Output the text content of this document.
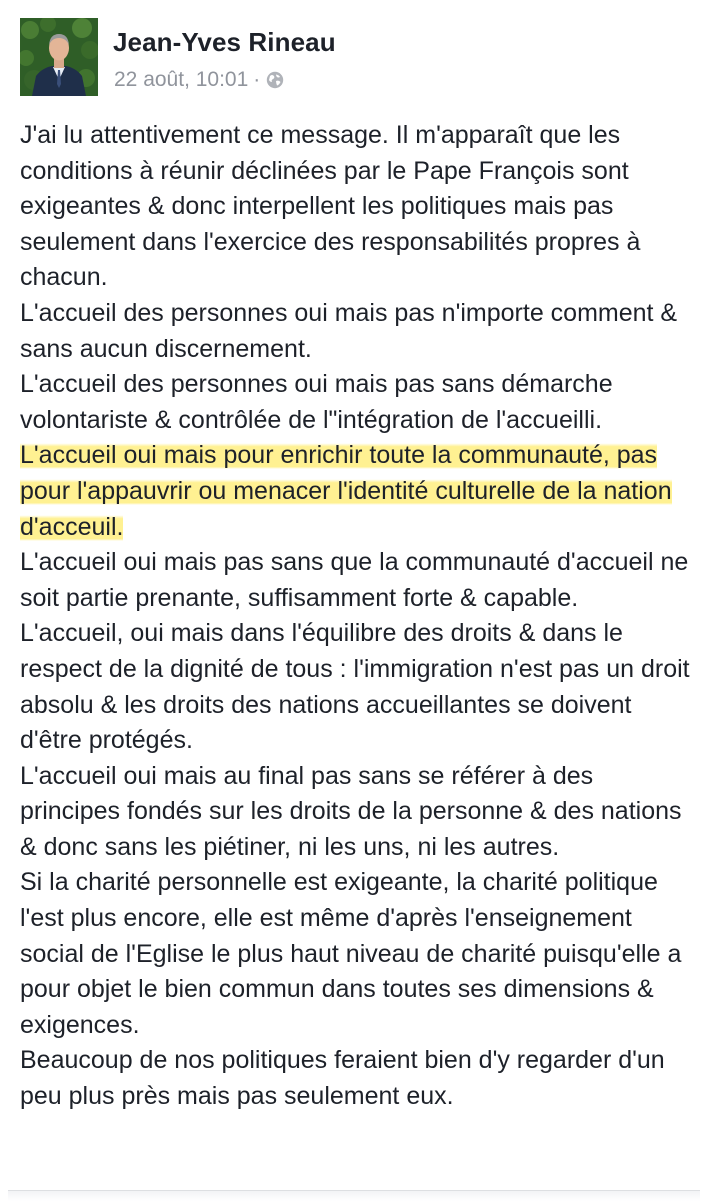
Jean-Yves Rineau
22 août, 10:01 ·

J'ai lu attentivement ce message. Il m'apparaît que les conditions à réunir déclinées par le Pape François sont exigeantes & donc interpellent les politiques mais pas seulement dans l'exercice des responsabilités propres à chacun.

L'accueil des personnes oui mais pas n'importe comment & sans aucun discernement.

L'accueil des personnes oui mais pas sans démarche volontariste & contrôlée de l"intégration de l'accueilli.

L'accueil oui mais pour enrichir toute la communauté, pas pour l'appauvrir ou menacer l'identité culturelle de la nation d'acceuil.

L'accueil oui mais pas sans que la communauté d'accueil ne soit partie prenante, suffisamment forte & capable.

L'accueil, oui mais dans l'équilibre des droits & dans le respect de la dignité de tous : l'immigration n'est pas un droit absolu & les droits des nations accueillantes se doivent d'être protégés.

L'accueil oui mais au final pas sans se référer à des principes fondés sur les droits de la personne & des nations & donc sans les piétiner, ni les uns, ni les autres.

Si la charité personnelle est exigeante, la charité politique l'est plus encore, elle est même d'après l'enseignement social de l'Eglise le plus haut niveau de charité puisqu'elle a pour objet le bien commun dans toutes ses dimensions & exigences.

Beaucoup de nos politiques feraient bien d'y regarder d'un peu plus près mais pas seulement eux.
